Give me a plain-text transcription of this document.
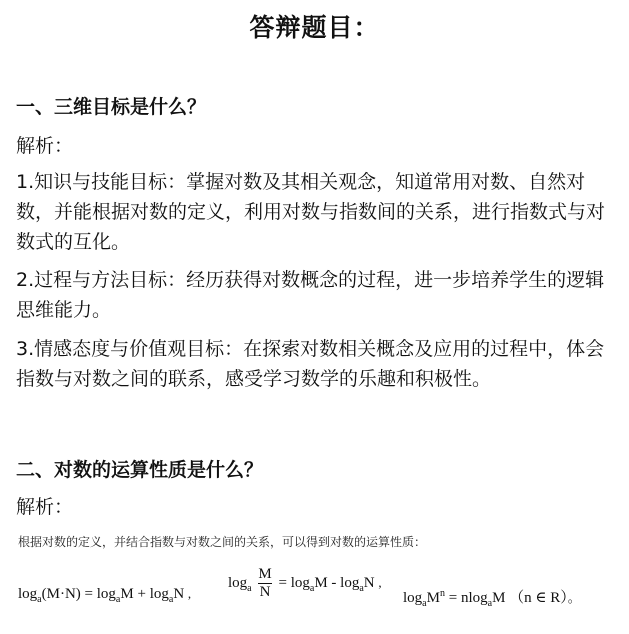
答辩题目：
一、三维目标是什么？
解析：
1.知识与技能目标：掌握对数及其相关观念，知道常用对数、自然对数，并能根据对数的定义，利用对数与指数间的关系，进行指数式与对数式的互化。
2.过程与方法目标：经历获得对数概念的过程，进一步培养学生的逻辑思维能力。
3.情感态度与价值观目标：在探索对数相关概念及应用的过程中，体会指数与对数之间的联系，感受学习数学的乐趣和积极性。
二、对数的运算性质是什么？
解析：
根据对数的定义，并结合指数与对数之间的关系，可以得到对数的运算性质：
$\log_a(M\cdot N) = \log_aM + \log_aN$ ,
$\log_a \frac{M}{N} = \log_aM - \log_aN$ ,
$\log_aM^n = nlog_aM$ （n ∈ R）。
